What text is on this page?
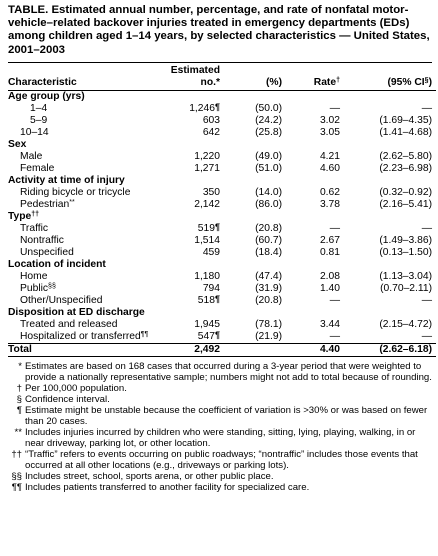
TABLE. Estimated annual number, percentage, and rate of nonfatal motor-vehicle–related backover injuries treated in emergency departments (EDs) among children aged 1–14 years, by selected characteristics — United States, 2001–2003

	Estimated			
Characteristic	no.*	(%)	Rate†	(95% CI§)
Age group (yrs)				
1–4	1,246¶	(50.0)	—	—
5–9	603	(24.2)	3.02	(1.69–4.35)
10–14	642	(25.8)	3.05	(1.41–4.68)
Sex				
Male	1,220	(49.0)	4.21	(2.62–5.80)
Female	1,271	(51.0)	4.60	(2.23–6.98)
Activity at time of injury				
Riding bicycle or tricycle	350	(14.0)	0.62	(0.32–0.92)
Pedestrian**	2,142	(86.0)	3.78	(2.16–5.41)
Type††
Traffic	519¶	(20.8)	—	—
Nontraffic	1,514	(60.7)	2.67	(1.49–3.86)
Unspecified	459	(18.4)	0.81	(0.13–1.50)
Location of incident				
Home	1,180	(47.4)	2.08	(1.13–3.04)
Public§§	794	(31.9)	1.40	(0.70–2.11)
Other/Unspecified	518¶	(20.8)	—	—
Disposition at ED discharge				
Treated and released	1,945	(78.1)	3.44	(2.15–4.72)
Hospitalized or transferred¶¶	547¶	(21.9)	—	—
Total	2,492		4.40	(2.62–6.18)
* Estimates are based on 168 cases that occurred during a 3-year period that were weighted to provide a nationally representative sample; numbers might not add to total because of rounding.
† Per 100,000 population.
§ Confidence interval.
¶ Estimate might be unstable because the coefficient of variation is >30% or was based on fewer than 20 cases.
** Includes injuries incurred by children who were standing, sitting, lying, playing, walking, in or near driveway, parking lot, or other location.
†† “Traffic” refers to events occurring on public roadways; “nontraffic” includes those events that occurred at all other locations (e.g., driveways or parking lots).
§§ Includes street, school, sports arena, or other public place.
¶¶ Includes patients transferred to another facility for specialized care.
